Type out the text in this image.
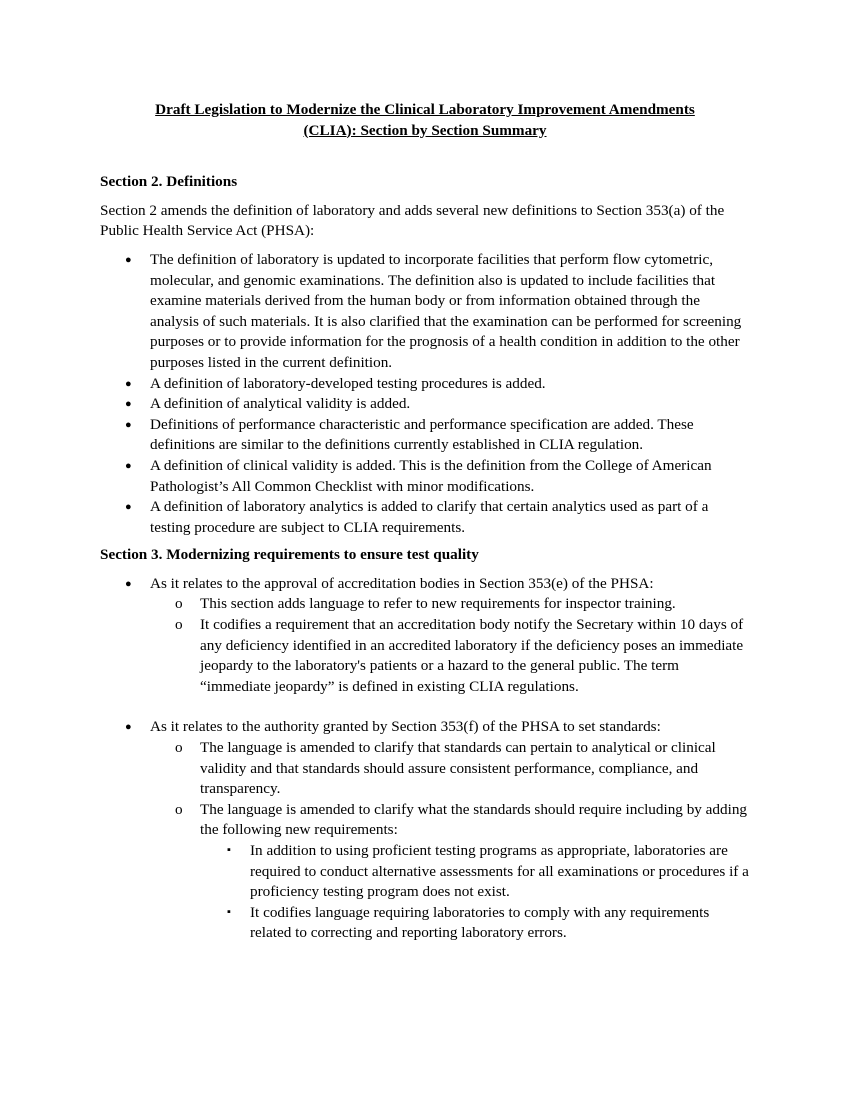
Draft Legislation to Modernize the Clinical Laboratory Improvement Amendments
(CLIA): Section by Section Summary

Section 2. Definitions

Section 2 amends the definition of laboratory and adds several new definitions to Section 353(a) of the Public Health Service Act (PHSA):

● The definition of laboratory is updated to incorporate facilities that perform flow cytometric, molecular, and genomic examinations. The definition also is updated to include facilities that examine materials derived from the human body or from information obtained through the analysis of such materials. It is also clarified that the examination can be performed for screening purposes or to provide information for the prognosis of a health condition in addition to the other purposes listed in the current definition.
● A definition of laboratory-developed testing procedures is added.
● A definition of analytical validity is added.
● Definitions of performance characteristic and performance specification are added. These definitions are similar to the definitions currently established in CLIA regulation.
● A definition of clinical validity is added. This is the definition from the College of American Pathologist’s All Common Checklist with minor modifications.
● A definition of laboratory analytics is added to clarify that certain analytics used as part of a testing procedure are subject to CLIA requirements.

Section 3. Modernizing requirements to ensure test quality

● As it relates to the approval of accreditation bodies in Section 353(e) of the PHSA:
o This section adds language to refer to new requirements for inspector training.
o It codifies a requirement that an accreditation body notify the Secretary within 10 days of any deficiency identified in an accredited laboratory if the deficiency poses an immediate jeopardy to the laboratory's patients or a hazard to the general public. The term “immediate jeopardy” is defined in existing CLIA regulations.
● As it relates to the authority granted by Section 353(f) of the PHSA to set standards:
o The language is amended to clarify that standards can pertain to analytical or clinical validity and that standards should assure consistent performance, compliance, and transparency.
o The language is amended to clarify what the standards should require including by adding the following new requirements:
▪ In addition to using proficient testing programs as appropriate, laboratories are required to conduct alternative assessments for all examinations or procedures if a proficiency testing program does not exist.
▪ It codifies language requiring laboratories to comply with any requirements related to correcting and reporting laboratory errors.
